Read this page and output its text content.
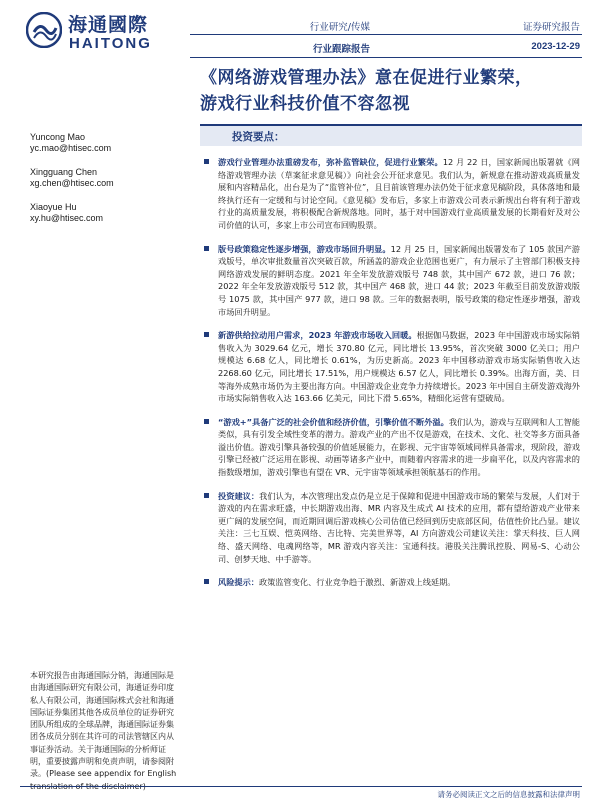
海通國際
HAITONG
行业研究/传媒
行业跟踪报告
证券研究报告
2023-12-29
《网络游戏管理办法》意在促进行业繁荣，
游戏行业科技价值不容忽视
Yuncong Mao
yc.mao@htisec.com
Xingguang Chen
xg.chen@htisec.com
Xiaoyue Hu
xy.hu@htisec.com
投资要点：
游戏行业管理办法重磅发布，弥补监管缺位，促进行业繁荣。12 月 22 日，国家新闻出版署就《网络游戏管理办法（草案征求意见稿）》向社会公开征求意见。我们认为，新规意在推动游戏高质量发展和内容精品化，出台是为了“监管补位”，且目前该管理办法仍处于征求意见稿阶段，具体落地和最终执行还有一定缓和与讨论空间。《意见稿》发布后，多家上市游戏公司表示新规出台将有利于游戏行业的高质量发展，将积极配合新规落地。同时，基于对中国游戏行业高质量发展的长期看好及对公司价值的认可，多家上市公司宣布回购股票。
版号政策稳定性逐步增强，游戏市场回升明显。12 月 25 日，国家新闻出版署发布了 105 款国产游戏版号，单次审批数量首次突破百款，所涵盖的游戏企业范围也更广，有力展示了主管部门积极支持网络游戏发展的鲜明态度。2021 年全年发放游戏版号 748 款，其中国产 672 款，进口 76 款；2022 年全年发放游戏版号 512 款，其中国产 468 款，进口 44 款；2023 年截至目前发放游戏版号 1075 款，其中国产 977 款，进口 98 款。三年的数据表明，版号政策的稳定性逐步增强，游戏市场回升明显。
新游供给拉动用户需求，2023 年游戏市场收入回暖。根据伽马数据，2023 年中国游戏市场实际销售收入为 3029.64 亿元，增长 370.80 亿元，同比增长 13.95%，首次突破 3000 亿关口；用户规模达 6.68 亿人，同比增长 0.61%，为历史新高。2023 年中国移动游戏市场实际销售收入达 2268.60 亿元，同比增长 17.51%，用户规模达 6.57 亿人，同比增长 0.39%。出海方面，美、日等海外成熟市场仍为主要出海方向。中国游戏企业竞争力持续增长。2023 年中国自主研发游戏海外市场实际销售收入达 163.66 亿美元，同比下滑 5.65%，精细化运营有望破局。
“游戏+”具备广泛的社会价值和经济价值，引擎价值不断外溢。我们认为，游戏与互联网和人工智能类似，具有引发全域性变革的潜力。游戏产业的产出不仅是游戏，在技术、文化、社交等多方面具备溢出价值。游戏引擎具备较强的价值延展能力，在影视、元宇宙等领域同样具备需求，现阶段，游戏引擎已经被广泛运用在影视、动画等诸多产业中，而随着内容需求的进一步扁平化，以及内容需求的指数级增加，游戏引擎也有望在 VR、元宇宙等领域承担领航基石的作用。
投资建议：我们认为，本次管理出发点仍是立足于保障和促进中国游戏市场的繁荣与发展，人们对于游戏的内在需求旺盛，中长期游戏出海、MR 内容及生成式 AI 技术的应用，都有望给游戏产业带来更广阔的发展空间，而近期回调后游戏核心公司估值已经回到历史底部区间，估值性价比凸显。建议关注：三七互娱、恺英网络、吉比特、完美世界等，AI 方向游戏公司建议关注：掌天科技、巨人网络、盛天网络、电魂网络等，MR 游戏内容关注：宝通科技。港股关注腾讯控股、网易-S、心动公司、创梦天地、中手游等。
风险提示：政策监管变化、行业竞争趋于激烈、新游戏上线延期。
本研究报告由海通国际分销，海通国际是由海通国际研究有限公司，海通证券印度私人有限公司，海通国际株式会社和海通国际证券集团其他各成员单位的证券研究团队所组成的全球品牌，海通国际证券集团各成员分别在其许可的司法管辖区内从事证券活动。关于海通国际的分析师证明，重要披露声明和免责声明，请参阅附录。(Please see appendix for English
请务必阅读正文之后的信息披露和法律声明
